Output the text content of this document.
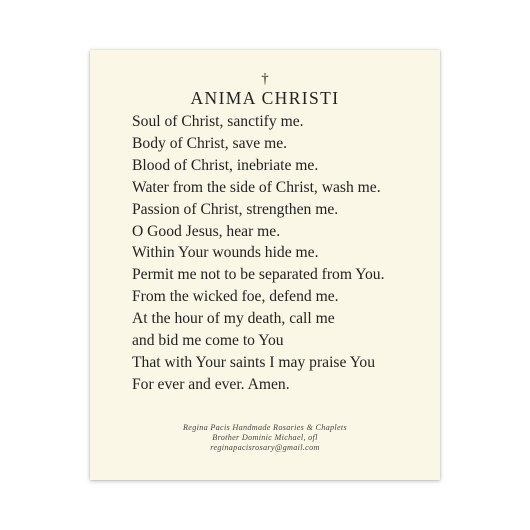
†
ANIMA CHRISTI
Soul of Christ, sanctify me.
Body of Christ, save me.
Blood of Christ, inebriate me.
Water from the side of Christ, wash me.
Passion of Christ, strengthen me.
O Good Jesus, hear me.
Within Your wounds hide me.
Permit me not to be separated from You.
From the wicked foe, defend me.
At the hour of my death, call me
and bid me come to You
That with Your saints I may praise You
For ever and ever. Amen.
Regina Pacis Handmade Rosaries & Chaplets
Brother Dominic Michael, ofl
reginapacisrosary@gmail.com
